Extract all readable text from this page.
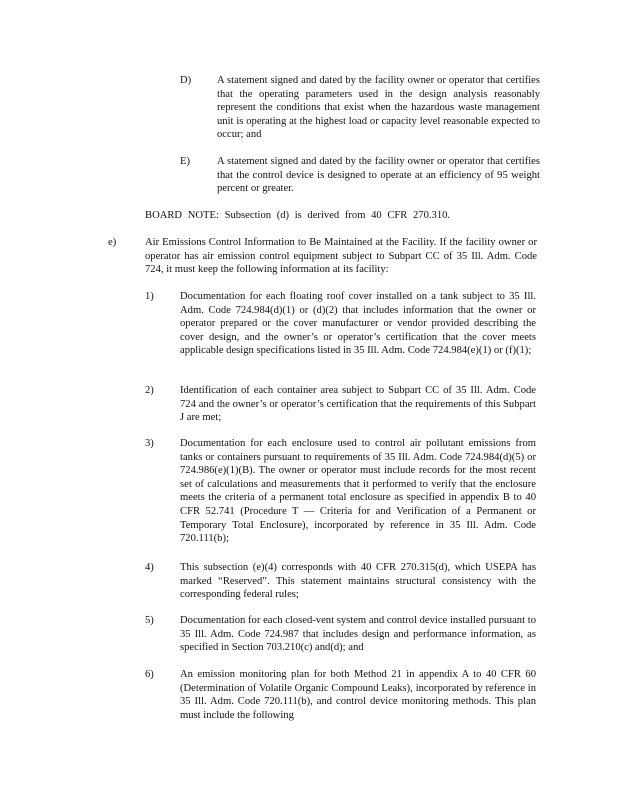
D) A statement signed and dated by the facility owner or operator that certifies that the operating parameters used in the design analysis reasonably represent the conditions that exist when the hazardous waste management unit is operating at the highest load or capacity level reasonable expected to occur; and
E)	A statement signed and dated by the facility owner or operator that certifies that the control device is designed to operate at an efficiency of 95 weight percent or greater.
BOARD NOTE: Subsection (d) is derived from 40 CFR 270.310.
e)	Air Emissions Control Information to Be Maintained at the Facility. If the facility owner or operator has air emission control equipment subject to Subpart CC of 35 Ill. Adm. Code 724, it must keep the following information at its facility:
1) Documentation for each floating roof cover installed on a tank subject to 35 Ill. Adm. Code 724.984(d)(1) or (d)(2) that includes information that the owner or operator prepared or the cover manufacturer or vendor provided describing the cover design, and the owner’s or operator’s certification that the cover meets applicable design specifications listed in 35 Ill. Adm. Code 724.984(e)(1) or (f)(1);
2) Identification of each container area subject to Subpart CC of 35 Ill. Adm. Code 724 and the owner’s or operator’s certification that the requirements of this Subpart J are met;
3) Documentation for each enclosure used to control air pollutant emissions from tanks or containers pursuant to requirements of 35 Ill. Adm. Code 724.984(d)(5) or 724.986(e)(1)(B). The owner or operator must include records for the most recent set of calculations and measurements that it performed to verify that the enclosure meets the criteria of a permanent total enclosure as specified in appendix B to 40 CFR 52.741 (Procedure T — Criteria for and Verification of a Permanent or Temporary Total Enclosure), incorporated by reference in 35 Ill. Adm. Code 720.111(b);
4) This subsection (e)(4) corresponds with 40 CFR 270.315(d), which USEPA has marked “Reserved”. This statement maintains structural consistency with the corresponding federal rules;
5) Documentation for each closed-vent system and control device installed pursuant to 35 Ill. Adm. Code 724.987 that includes design and performance information, as specified in Section 703.210(c) and(d); and
6) An emission monitoring plan for both Method 21 in appendix A to 40 CFR 60 (Determination of Volatile Organic Compound Leaks), incorporated by reference in 35 Ill. Adm. Code 720.111(b), and control device monitoring methods. This plan must include the following
